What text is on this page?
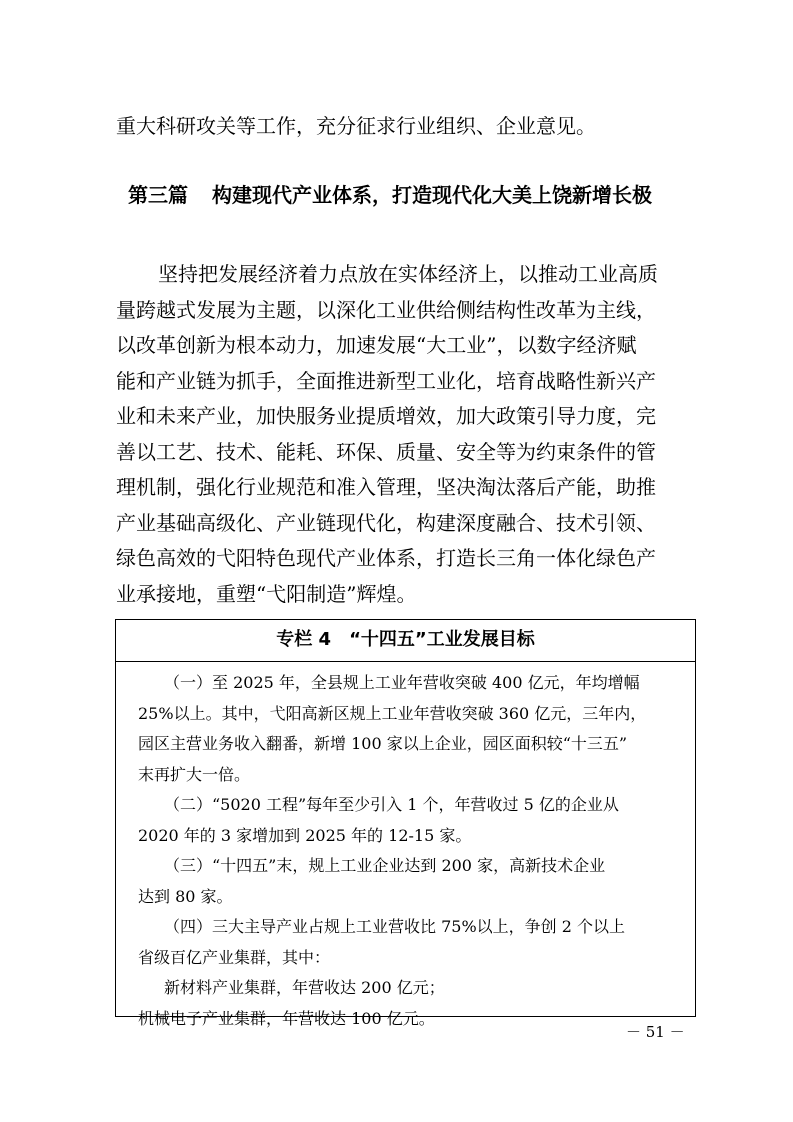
重大科研攻关等工作，充分征求行业组织、企业意见。
第三篇 构建现代产业体系，打造现代化大美上饶新增长极
坚持把发展经济着力点放在实体经济上，以推动工业高质
量跨越式发展为主题，以深化工业供给侧结构性改革为主线，
以改革创新为根本动力，加速发展“大工业”，以数字经济赋
能和产业链为抓手，全面推进新型工业化，培育战略性新兴产
业和未来产业，加快服务业提质增效，加大政策引导力度，完
善以工艺、技术、能耗、环保、质量、安全等为约束条件的管
理机制，强化行业规范和准入管理，坚决淘汰落后产能，助推
产业基础高级化、产业链现代化，构建深度融合、技术引领、
绿色高效的弋阳特色现代产业体系，打造长三角一体化绿色产
业承接地，重塑“弋阳制造”辉煌。
专栏 4 “十四五”工业发展目标
（一）至 2025 年，全县规上工业年营收突破 400 亿元，年均增幅
25%以上。其中，弋阳高新区规上工业年营收突破 360 亿元，三年内，
园区主营业务收入翻番，新增 100 家以上企业，园区面积较“十三五”
末再扩大一倍。
（二）“5020 工程”每年至少引入 1 个，年营收过 5 亿的企业从
2020 年的 3 家增加到 2025 年的 12-15 家。
（三）“十四五”末，规上工业企业达到 200 家，高新技术企业
达到 80 家。
（四）三大主导产业占规上工业营收比 75%以上，争创 2 个以上
省级百亿产业集群，其中：
新材料产业集群，年营收达 200 亿元；
机械电子产业集群，年营收达 100 亿元。
－ 51 －
